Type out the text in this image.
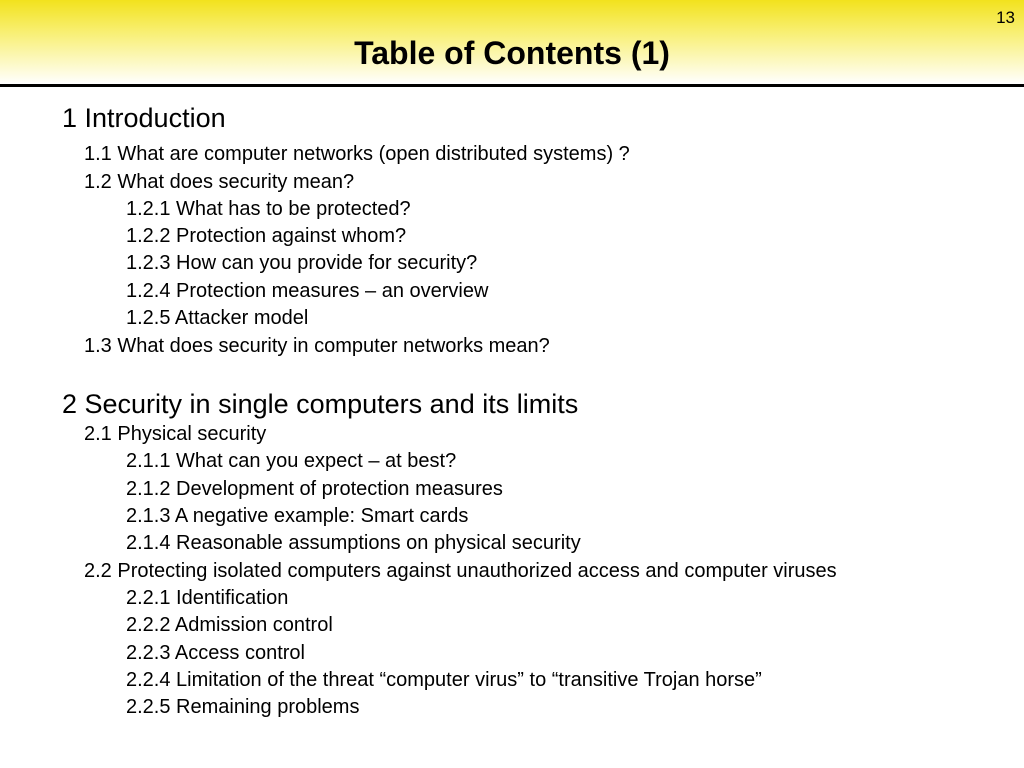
13
Table of Contents (1)
1 Introduction
1.1 What are computer networks (open distributed systems) ?
1.2 What does security mean?
1.2.1 What has to be protected?
1.2.2 Protection against whom?
1.2.3 How can you provide for security?
1.2.4 Protection measures – an overview
1.2.5 Attacker model
1.3 What does security in computer networks mean?
2 Security in single computers and its limits
2.1 Physical security
2.1.1 What can you expect – at best?
2.1.2 Development of protection measures
2.1.3 A negative example: Smart cards
2.1.4 Reasonable assumptions on physical security
2.2 Protecting isolated computers against unauthorized access and computer viruses
2.2.1 Identification
2.2.2 Admission control
2.2.3 Access control
2.2.4 Limitation of the threat “computer virus” to “transitive Trojan horse”
2.2.5 Remaining problems
